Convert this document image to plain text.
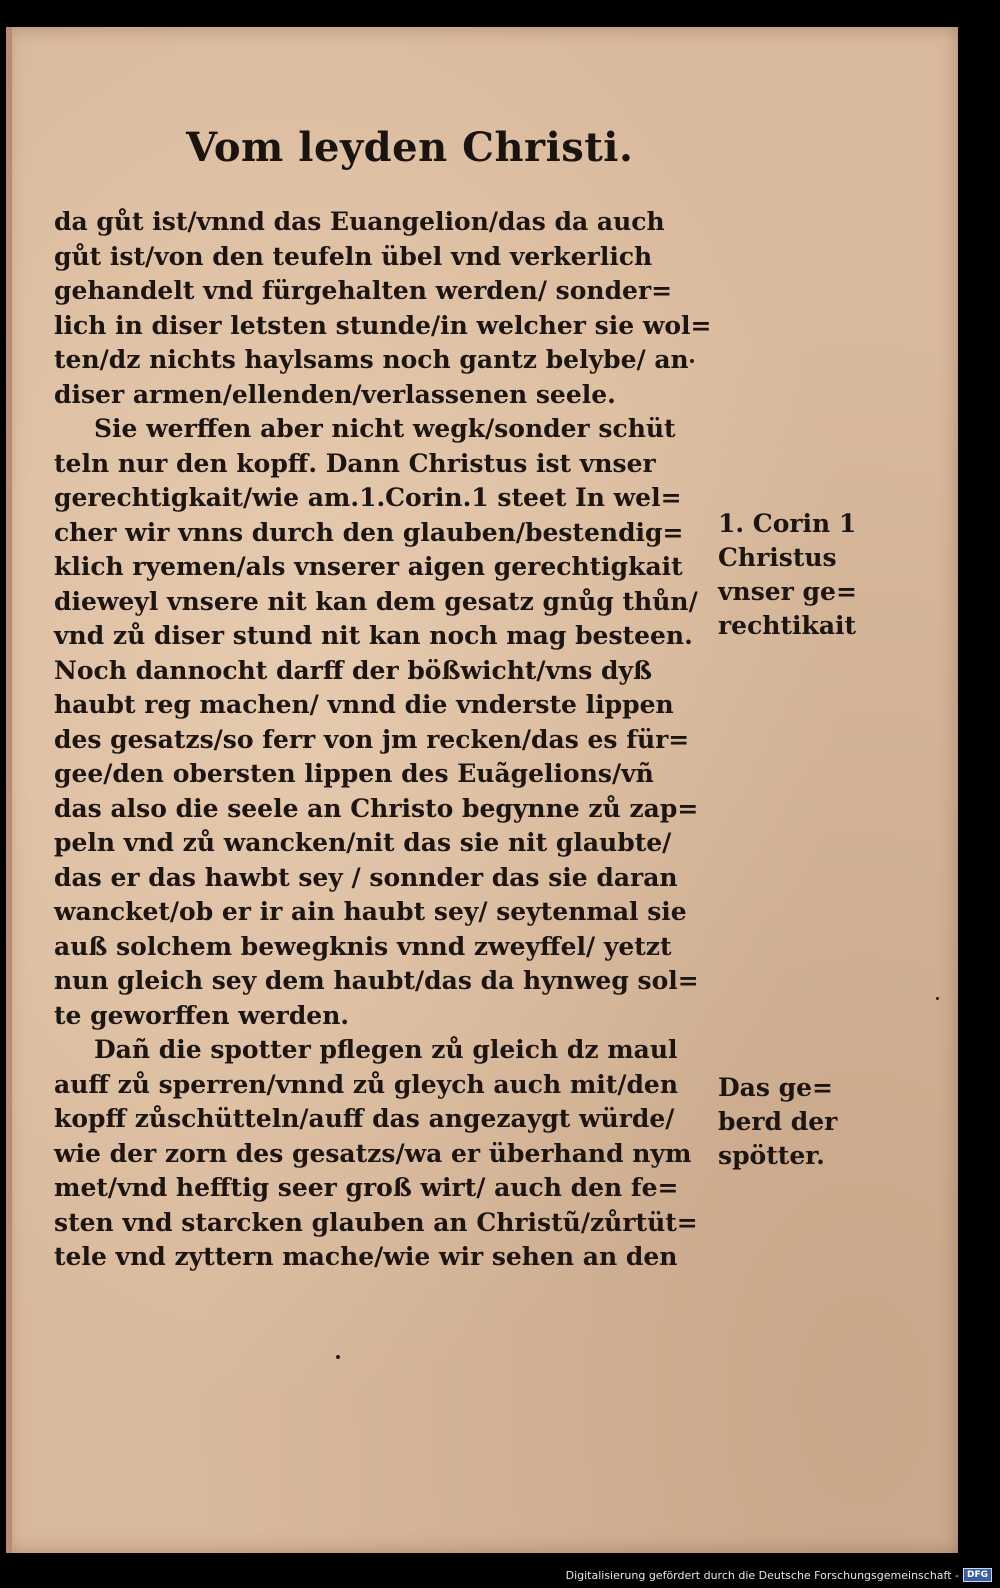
Vom leyden Christi.
da gůt ist/vnnd das Euangelion/das da auch
gůt ist/von den teufeln übel vnd verkerlich
gehandelt vnd fürgehalten werden/ sonder=
lich in diser letsten stunde/in welcher sie wol=
ten/dz nichts haylsams noch gantz belybe/ an
diser armen/ellenden/verlassenen seele.
Sie werffen aber nicht wegk/sonder schüt
teln nur den kopff. Dann Christus ist vnser
gerechtigkait/wie am.1.Corin.1 steet In wel=
cher wir vnns durch den glauben/bestendig=
klich ryemen/als vnserer aigen gerechtigkait
dieweyl vnsere nit kan dem gesatz gnůg thůn/
vnd zů diser stund nit kan noch mag besteen.
Noch dannocht darff der bößwicht/vns dyß
haubt reg machen/ vnnd die vnderste lippen
des gesatzs/so ferr von jm recken/das es für=
gee/den obersten lippen des Euãgelions/vñ
das also die seele an Christo begynne zů zap=
peln vnd zů wancken/nit das sie nit glaubte/
das er das hawbt sey / sonnder das sie daran
wancket/ob er ir ain haubt sey/ seytenmal sie
auß solchem bewegknis vnnd zweyffel/ yetzt
nun gleich sey dem haubt/das da hynweg sol=
te geworffen werden.
Dañ die spotter pflegen zů gleich dz maul
auff zů sperren/vnnd zů gleych auch mit/den
kopff zůschütteln/auff das angezaygt würde/
wie der zorn des gesatzs/wa er überhand nym
met/vnd hefftig seer groß wirt/ auch den fe=
sten vnd starcken glauben an Christũ/zůrtüt=
tele vnd zyttern mache/wie wir sehen an den
1. Corin 1
Christus
vnser ge=
rechtikait
Das ge=
berd der
spötter.
Digitalisierung gefördert durch die Deutsche Forschungsgemeinschaft - DFG
